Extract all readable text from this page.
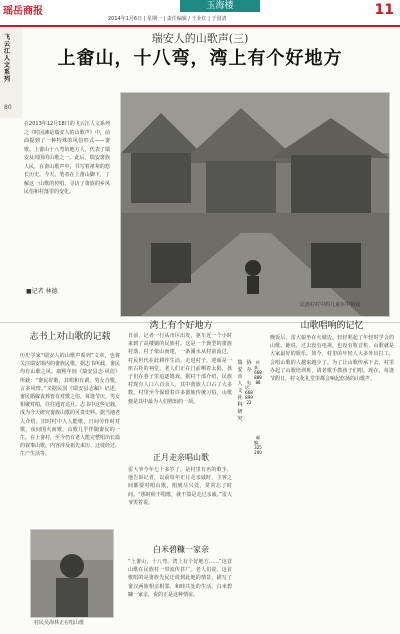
瑶岳商报	玉海楼
2014年1月6日 | 星期一 | 责任编辑 / 王业红 | 于国清
11
飞云江人文系列
80
瑞安人的山歌声(三)
上畬山，十八弯，湾上有个好地方
在2013年12月18日的飞云江人文系列之《时园滩是瑞安人的山歌声》中，前面提到了一种特殊的风俗形式——畬歌。上畬山十八弯的地方人，代表了瑞安及周围的山歌之一。此后，瑞安畬族人民，在畬山歌声中，书写着祖辈的悠长历史。今天，笔者在上畬山脚下，了解这一山歌的传唱，寻访了畬族的乡风民俗和村落里的变化。
■记者 林德
民族村村中的儿童在中嬉戏
志书上对山歌的记载
历史学家“瑞安人的山歌声系列”文章，也将关注瑞安境内的畬族民歌。据志书所载，畬民均有山歌之风。康熙年间《瑞安县志·风俗》所载：“畬民好歌，其唱和有调，男女合歌，言多风情。”又据民国《瑞安县志稿》记述，畬民婚嫁丧葬皆有对歌之俗，每逢节庆，男女相聚对唱，往往通宵达旦。志书中这些记载，成为今天研究畬族山歌的可贵史料。据当地老人介绍，旧时村中人人能歌，日间劳作时对歌，夜间围火而歌，山歌几乎伴随畬民的一生。在上畬村，至今仍有老人能完整唱出长篇的叙事山歌，内容涉及祖先来历、迁徙经过、生产生活等。
村民吴海林正在唱山歌
湾上有个好地方
日前，记者一行从市区出发，驱车近一个小时来到了高楼镇的民族村。这是一个典型的畬族村落，村子依山而建，一条溪水从村前流过，村民世代在此耕作生活。走进村子，迎面是一座古朴的祠堂，老人们正在门前晒着太阳，孩子们在巷子里追逐嬉戏。据村干部介绍，民族村现有人口六百余人，其中畬族人口占了大多数。村里至今保留着许多畬族传统习俗，山歌便是其中最为人们熟知的一项。
正月走亲唱山歌
雷大爷今年七十多岁了，是村里有名的歌手。他告诉记者，以前每年正月走亲戚时，主客之间都要对唱山歌，唱到尽兴处，常常忘了时间。“那时候不唱歌，就不算是走过亲戚。”雷大爷笑着说。
白米碧糠一家亲
“上畬山，十八弯，湾上有个好地方……”这首山歌在民族村一带流传甚广。老人们说，这首歌唱的是畬族先民迁徙到此地的情景，描写了畬汉两族相亲相邻、和睦共处的生活。白米碧糠一家亲，说的正是这种情谊。
瑞安市人文社科研究
协办
电话：66889922
传真：66888888
邮编：325200
山歌唱响的记忆
晚饭后，雷大娘坐在火塘边，轻轻唱起了年轻时学会的山歌。她说，过去没有电视，也没有收音机，山歌就是大家最好的娱乐。如今，村里的年轻人大多外出打工，会唱山歌的人越来越少了。为了让山歌传承下去，村里办起了山歌培训班，请老歌手教孩子们唱。现在，每逢节假日，村文化礼堂里都会响起悠扬的山歌声。
